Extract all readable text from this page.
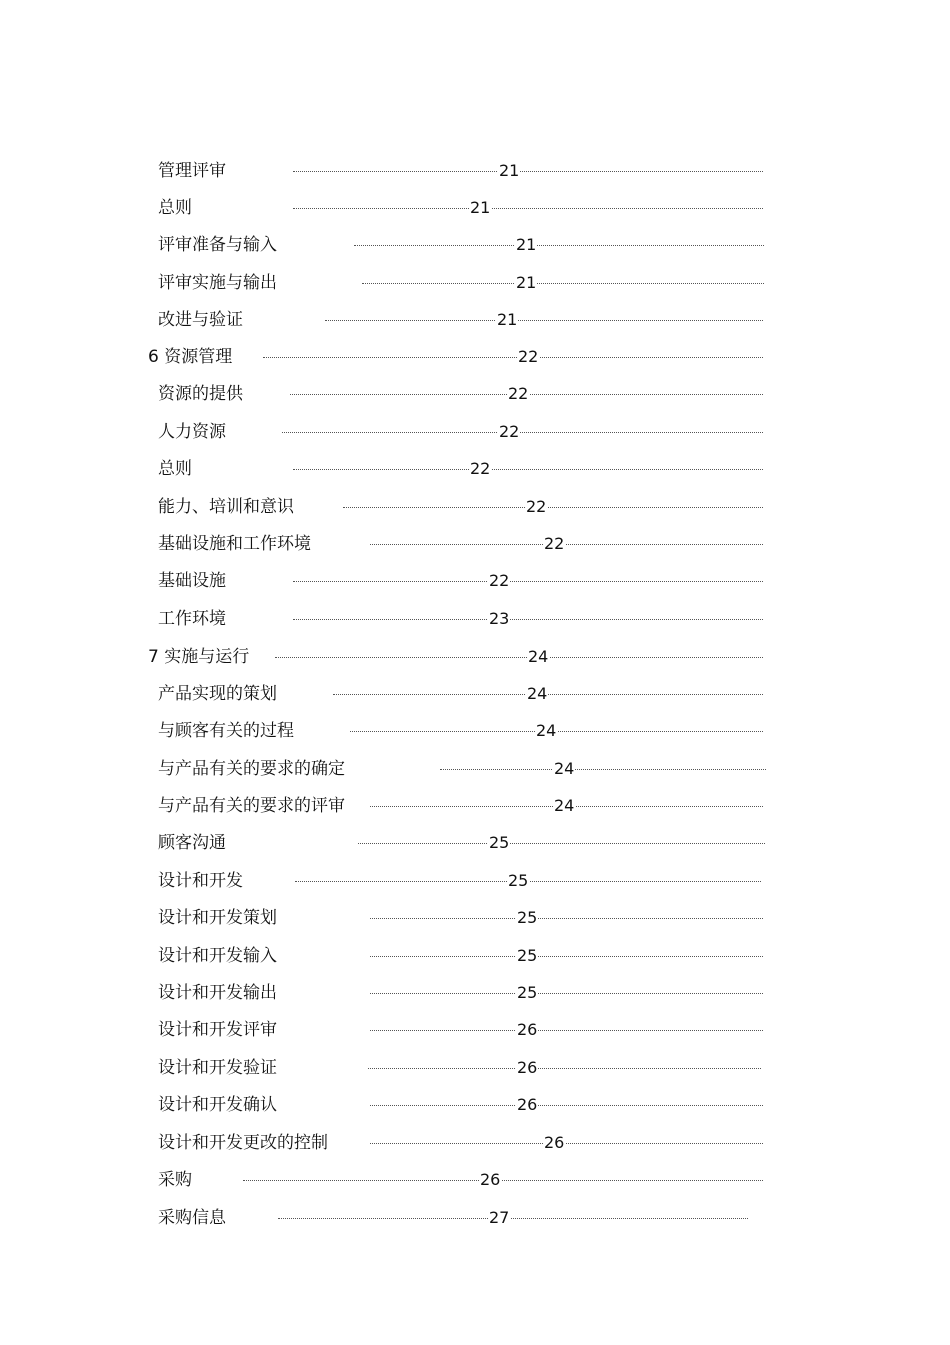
管理评审	21
总则	21
评审准备与输入	21
评审实施与输出	21
改进与验证	21
6 资源管理	22
资源的提供	22
人力资源	22
总则	22
能力、培训和意识	22
基础设施和工作环境	22
基础设施	22
工作环境	23
7 实施与运行	24
产品实现的策划	24
与顾客有关的过程	24
与产品有关的要求的确定	24
与产品有关的要求的评审	24
顾客沟通	25
设计和开发	25
设计和开发策划	25
设计和开发输入	25
设计和开发输出	25
设计和开发评审	26
设计和开发验证	26
设计和开发确认	26
设计和开发更改的控制	26
采购	26
采购信息	27
